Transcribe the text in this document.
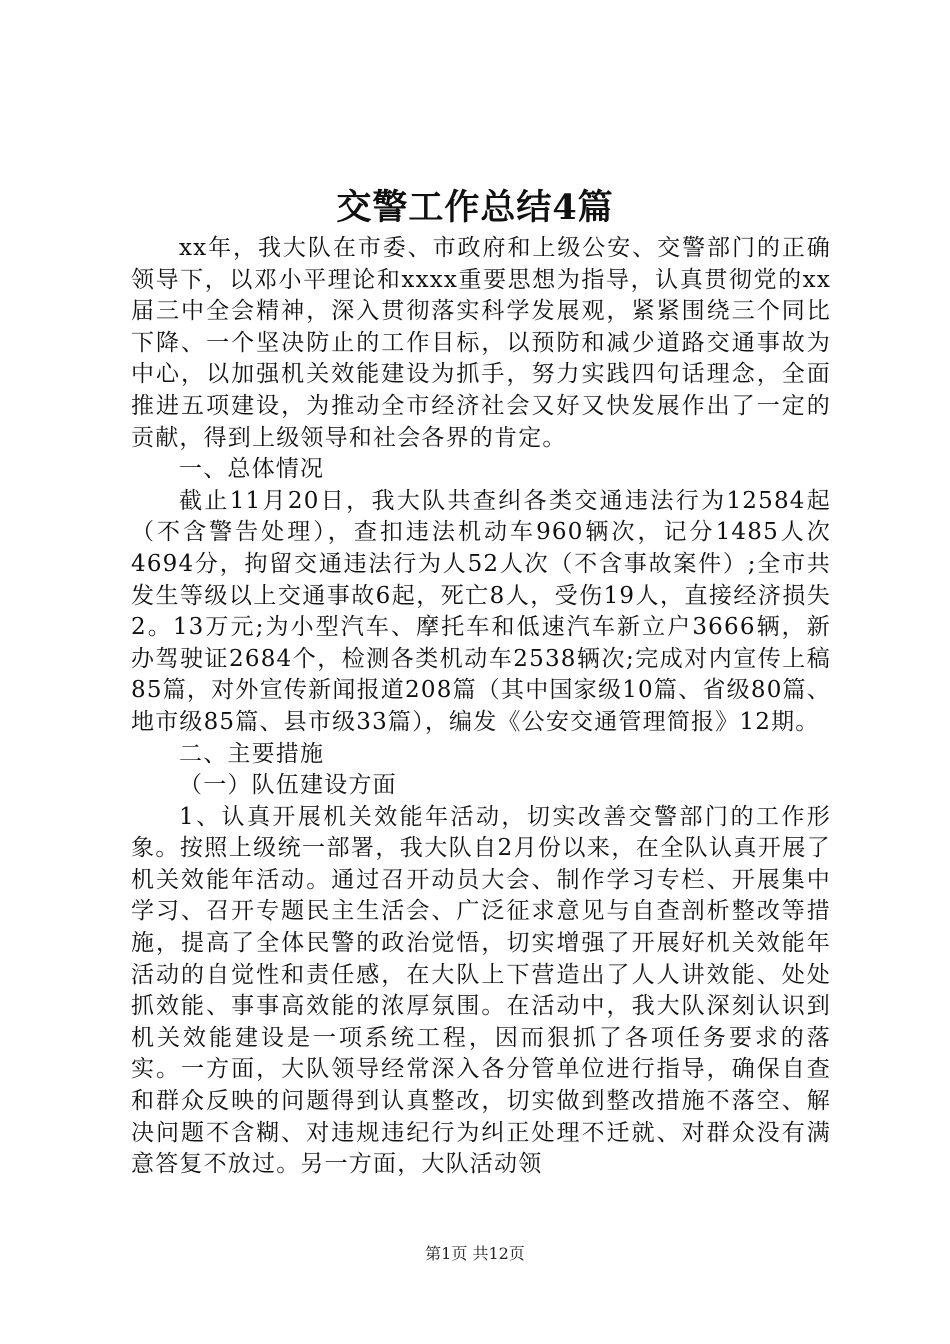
交警工作总结4篇

xx年，我大队在市委、市政府和上级公安、交警部门的正确领导下，以邓小平理论和xxxx重要思想为指导，认真贯彻党的xx届三中全会精神，深入贯彻落实科学发展观，紧紧围绕三个同比下降、一个坚决防止的工作目标，以预防和减少道路交通事故为中心，以加强机关效能建设为抓手，努力实践四句话理念，全面推进五项建设，为推动全市经济社会又好又快发展作出了一定的贡献，得到上级领导和社会各界的肯定。

一、总体情况

截止11月20日，我大队共查纠各类交通违法行为12584起（不含警告处理），查扣违法机动车960辆次，记分1485人次4694分，拘留交通违法行为人52人次（不含事故案件）;全市共发生等级以上交通事故6起，死亡8人，受伤19人，直接经济损失2。13万元;为小型汽车、摩托车和低速汽车新立户3666辆，新办驾驶证2684个，检测各类机动车2538辆次;完成对内宣传上稿85篇，对外宣传新闻报道208篇（其中国家级10篇、省级80篇、地市级85篇、县市级33篇），编发《公安交通管理简报》12期。

二、主要措施

（一）队伍建设方面

1、认真开展机关效能年活动，切实改善交警部门的工作形象。按照上级统一部署，我大队自2月份以来，在全队认真开展了机关效能年活动。通过召开动员大会、制作学习专栏、开展集中学习、召开专题民主生活会、广泛征求意见与自查剖析整改等措施，提高了全体民警的政治觉悟，切实增强了开展好机关效能年活动的自觉性和责任感，在大队上下营造出了人人讲效能、处处抓效能、事事高效能的浓厚氛围。在活动中，我大队深刻认识到机关效能建设是一项系统工程，因而狠抓了各项任务要求的落实。一方面，大队领导经常深入各分管单位进行指导，确保自查和群众反映的问题得到认真整改，切实做到整改措施不落空、解决问题不含糊、对违规违纪行为纠正处理不迁就、对群众没有满意答复不放过。另一方面，大队活动领

第1页 共12页
